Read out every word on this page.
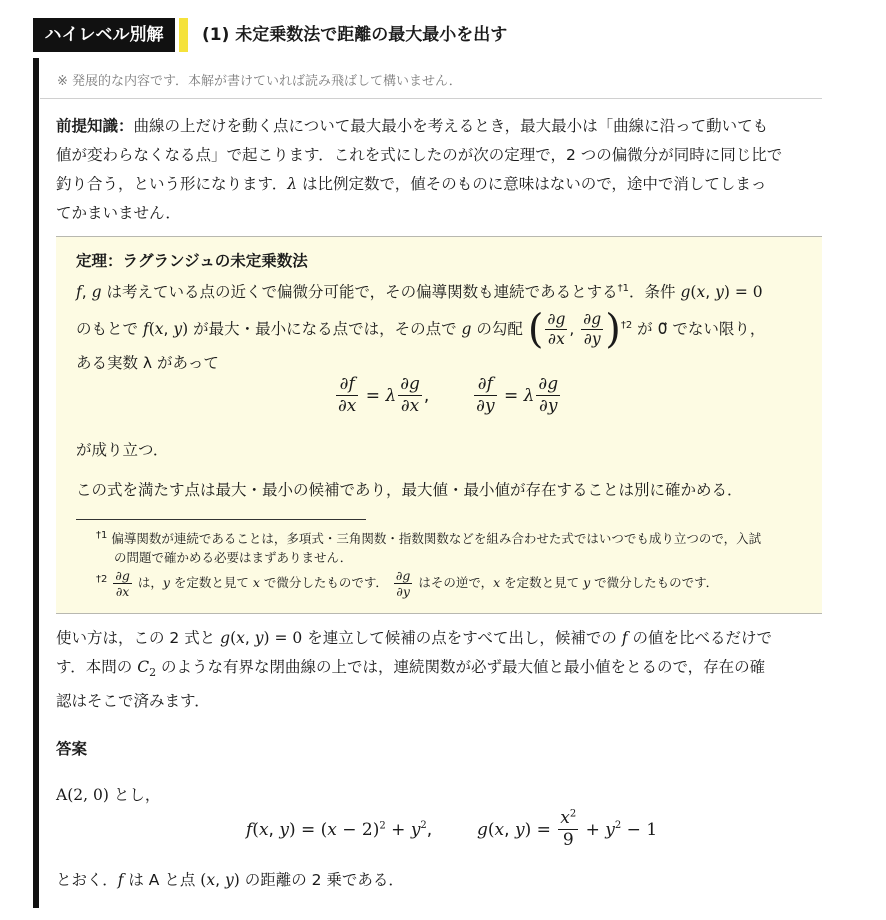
ハイレベル別解	(1) 未定乗数法で距離の最大最小を出す
※ 発展的な内容です．本解が書けていれば読み飛ばして構いません．
前提知識：曲線の上だけを動く点について最大最小を考えるとき，最大最小は「曲線に沿って動いても
値が変わらなくなる点」で起こります．これを式にしたのが次の定理で，2 つの偏微分が同時に同じ比で
釣り合う，という形になります．λ は比例定数で，値そのものに意味はないので，途中で消してしまっ
てかまいません．
定理：ラグランジュの未定乗数法
f, g は考えている点の近くで偏微分可能で，その偏導関数も連続であるとする$^{\dagger 1}$．条件 g(x, y) = 0
のもとで f(x, y) が最大・最小になる点では，その点で g の勾配 ( $\frac{\partial g}{\partial x}$ , $\frac{\partial g}{\partial y} )^{\dagger 2}$ が 0⃗ でない限り，
ある実数 λ があって
$\frac{\partial f}{\partial x} = \lambda \frac{\partial g}{\partial x}$ , $\frac{\partial f}{\partial y} = \lambda \frac{\partial g}{\partial y}$
が成り立つ．
この式を満たす点は最大・最小の候補であり，最大値・最小値が存在することは別に確かめる．
$^{\dagger 1}$ 偏導関数が連続であることは，多項式・三角関数・指数関数などを組み合わせた式ではいつでも成り立つので，入試
の問題で確かめる必要はまずありません．
$^{\dagger 2} \frac{\partial g}{\partial x}$ は，y を定数と見て x で微分したものです． $\frac{\partial g}{\partial y}$ はその逆で，x を定数と見て y で微分したものです．
使い方は，この 2 式と g(x, y) = 0 を連立して候補の点をすべて出し，候補での f の値を比べるだけで
す．本問の $C_2$ のような有界な閉曲線の上では，連続関数が必ず最大値と最小値をとるので，存在の確
認はそこで済みます．
答案
A(2, 0) とし，
f(x, $y) = (x - 2)^2 + y^2$,  g(x, $y) = \frac{x^2}{9} + y^2 - 1$
とおく．f は A と点 (x, y) の距離の 2 乗である．
